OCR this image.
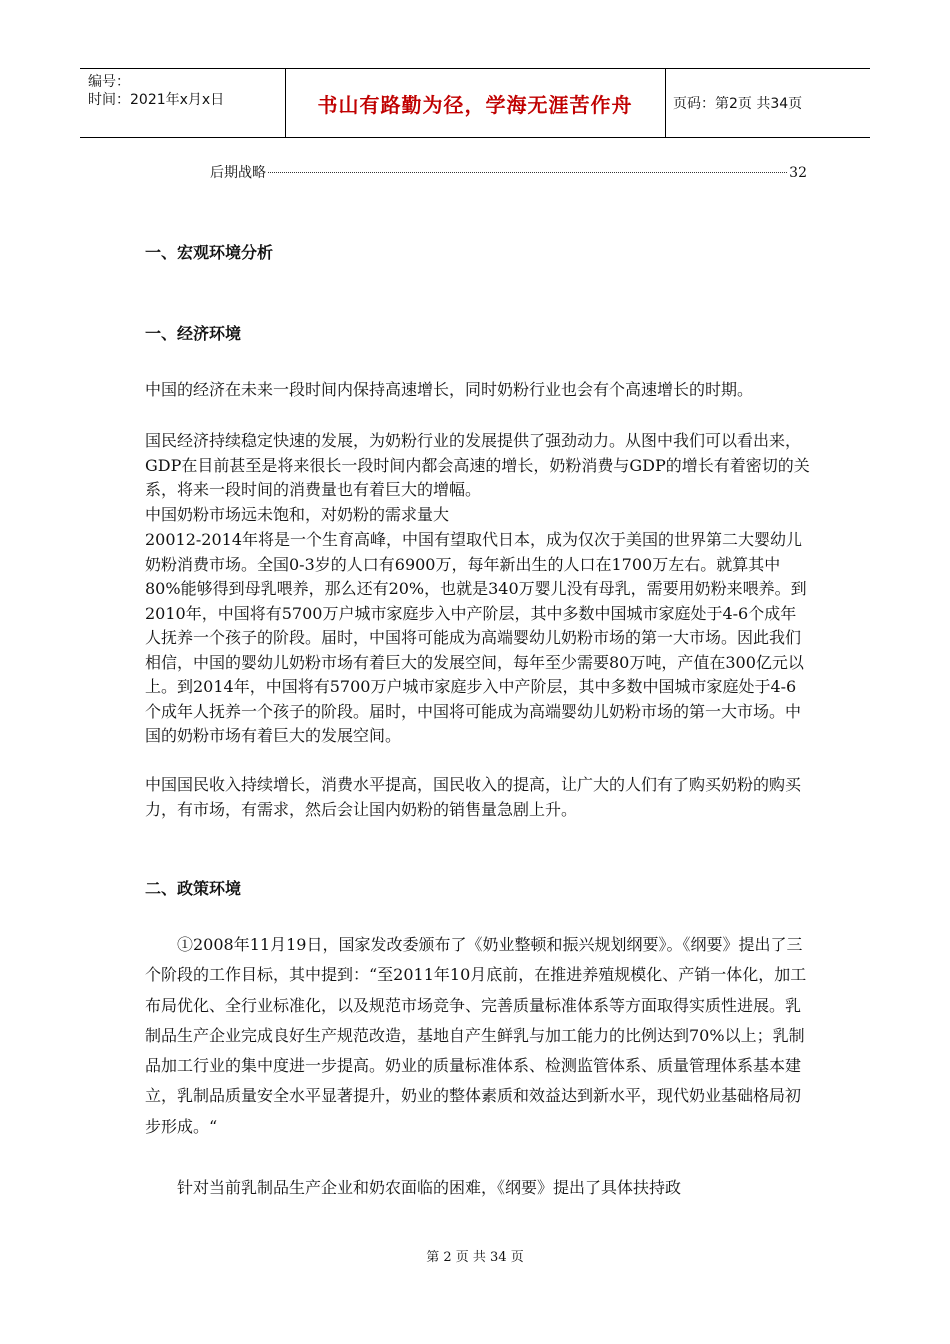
编号：
时间：2021年x月x日	书山有路勤为径，学海无涯苦作舟	页码：第2页 共34页
后期战略	32
一、宏观环境分析
一、经济环境

中国的经济在未来一段时间内保持高速增长，同时奶粉行业也会有个高速增长的时期。

国民经济持续稳定快速的发展，为奶粉行业的发展提供了强劲动力。从图中我们可以看出来，GDP在目前甚至是将来很长一段时间内都会高速的增长，奶粉消费与GDP的增长有着密切的关系，将来一段时间的消费量也有着巨大的增幅。

中国奶粉市场远未饱和，对奶粉的需求量大

20012-2014年将是一个生育高峰，中国有望取代日本，成为仅次于美国的世界第二大婴幼儿奶粉消费市场。全国0-3岁的人口有6900万，每年新出生的人口在1700万左右。就算其中80%能够得到母乳喂养，那么还有20%，也就是340万婴儿没有母乳，需要用奶粉来喂养。到2010年，中国将有5700万户城市家庭步入中产阶层，其中多数中国城市家庭处于4-6个成年人抚养一个孩子的阶段。届时，中国将可能成为高端婴幼儿奶粉市场的第一大市场。因此我们相信，中国的婴幼儿奶粉市场有着巨大的发展空间，每年至少需要80万吨，产值在300亿元以上。到2014年，中国将有5700万户城市家庭步入中产阶层，其中多数中国城市家庭处于4-6个成年人抚养一个孩子的阶段。届时，中国将可能成为高端婴幼儿奶粉市场的第一大市场。中国的奶粉市场有着巨大的发展空间。

中国国民收入持续增长，消费水平提高，国民收入的提高，让广大的人们有了购买奶粉的购买力，有市场，有需求，然后会让国内奶粉的销售量急剧上升。

二、政策环境

　　①2008年11月19日，国家发改委颁布了《奶业整顿和振兴规划纲要》。《纲要》提出了三个阶段的工作目标，其中提到：“至2011年10月底前，在推进养殖规模化、产销一体化，加工布局优化、全行业标准化，以及规范市场竞争、完善质量标准体系等方面取得实质性进展。乳制品生产企业完成良好生产规范改造，基地自产生鲜乳与加工能力的比例达到70%以上；乳制品加工行业的集中度进一步提高。奶业的质量标准体系、检测监管体系、质量管理体系基本建立，乳制品质量安全水平显著提升，奶业的整体素质和效益达到新水平，现代奶业基础格局初步形成。“

　　针对当前乳制品生产企业和奶农面临的困难，《纲要》提出了具体扶持政

第 2 页 共 34 页
